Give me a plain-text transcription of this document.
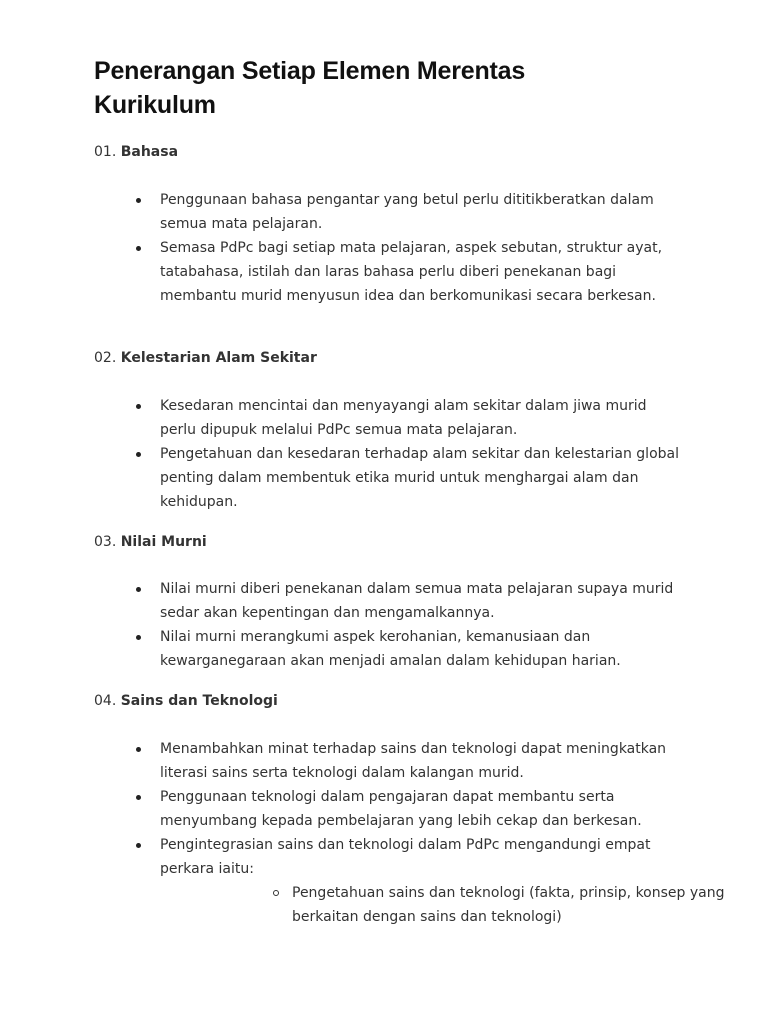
Penerangan Setiap Elemen Merentas Kurikulum

01. Bahasa

Penggunaan bahasa pengantar yang betul perlu dititikberatkan dalam semua mata pelajaran.
Semasa PdPc bagi setiap mata pelajaran, aspek sebutan, struktur ayat, tatabahasa, istilah dan laras bahasa perlu diberi penekanan bagi membantu murid menyusun idea dan berkomunikasi secara berkesan.

02. Kelestarian Alam Sekitar

Kesedaran mencintai dan menyayangi alam sekitar dalam jiwa murid perlu dipupuk melalui PdPc semua mata pelajaran.
Pengetahuan dan kesedaran terhadap alam sekitar dan kelestarian global penting dalam membentuk etika murid untuk menghargai alam dan kehidupan.

03. Nilai Murni

Nilai murni diberi penekanan dalam semua mata pelajaran supaya murid sedar akan kepentingan dan mengamalkannya.
Nilai murni merangkumi aspek kerohanian, kemanusiaan dan kewarganegaraan akan menjadi amalan dalam kehidupan harian.

04. Sains dan Teknologi

Menambahkan minat terhadap sains dan teknologi dapat meningkatkan literasi sains serta teknologi dalam kalangan murid.
Penggunaan teknologi dalam pengajaran dapat membantu serta menyumbang kepada pembelajaran yang lebih cekap dan berkesan.
Pengintegrasian sains dan teknologi dalam PdPc mengandungi empat perkara iaitu:
Pengetahuan sains dan teknologi (fakta, prinsip, konsep yang berkaitan dengan sains dan teknologi)
